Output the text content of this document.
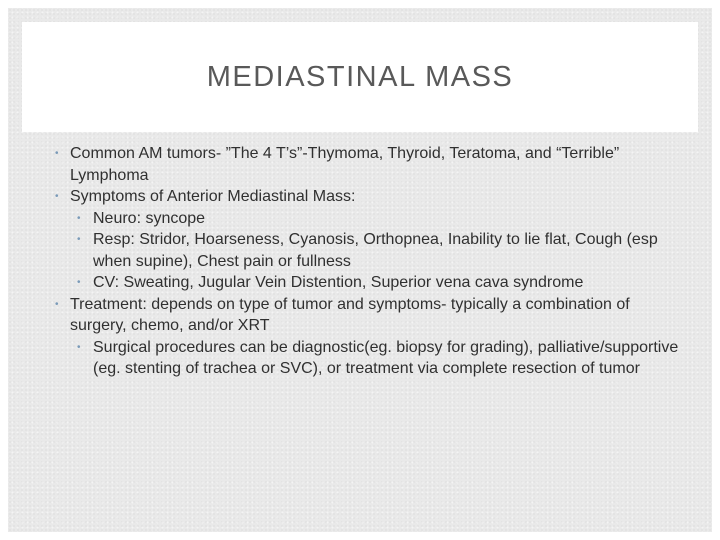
MEDIASTINAL MASS

• Common AM tumors- ”The 4 T’s”-Thymoma, Thyroid, Teratoma, and “Terrible” Lymphoma

• Symptoms of Anterior Mediastinal Mass:

• Neuro: syncope

• Resp: Stridor, Hoarseness, Cyanosis, Orthopnea, Inability to lie flat, Cough (esp when supine), Chest pain or fullness

• CV: Sweating, Jugular Vein Distention, Superior vena cava syndrome

• Treatment: depends on type of tumor and symptoms- typically a combination of surgery, chemo, and/or XRT

• Surgical procedures can be diagnostic(eg. biopsy for grading), palliative/supportive (eg. stenting of trachea or SVC), or treatment via complete resection of tumor
